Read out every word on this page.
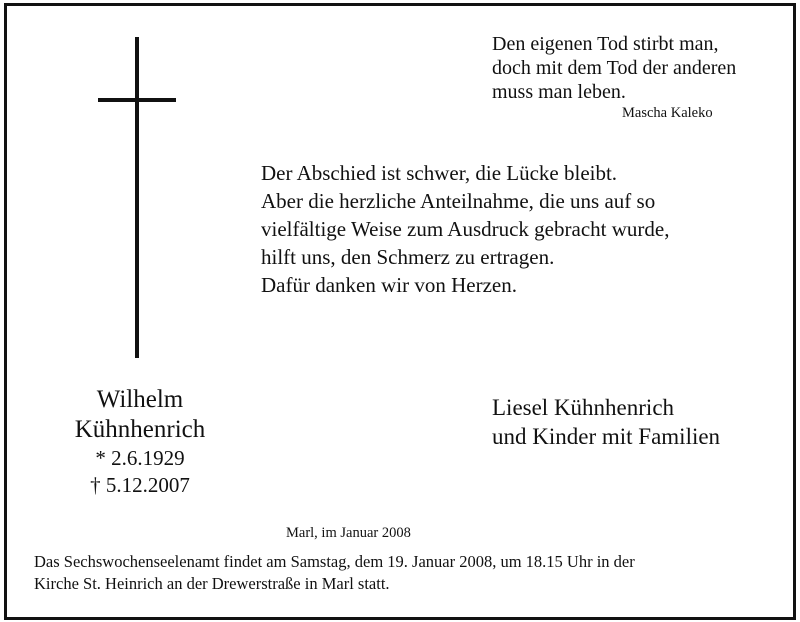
Den eigenen Tod stirbt man,
doch mit dem Tod der anderen
muss man leben.
Mascha Kaleko
Der Abschied ist schwer, die Lücke bleibt.
Aber die herzliche Anteilnahme, die uns auf so
vielfältige Weise zum Ausdruck gebracht wurde,
hilft uns, den Schmerz zu ertragen.
Dafür danken wir von Herzen.
Wilhelm
Kühnhenrich
* 2.6.1929
† 5.12.2007
Liesel Kühnhenrich
und Kinder mit Familien
Marl, im Januar 2008
Das Sechswochenseelenamt findet am Samstag, dem 19. Januar 2008, um 18.15 Uhr in der
Kirche St. Heinrich an der Drewerstraße in Marl statt.
